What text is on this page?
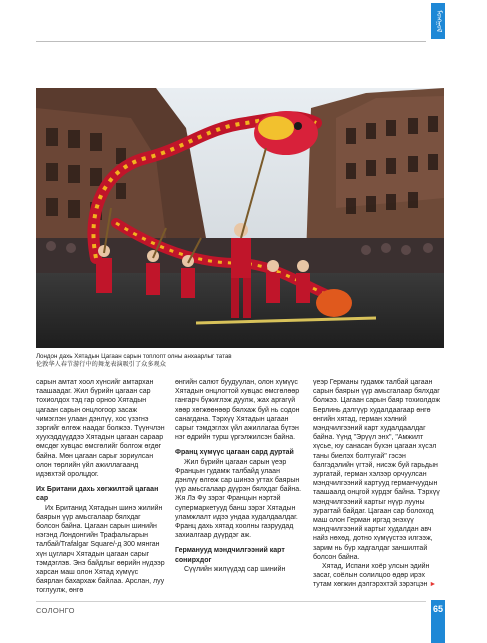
ᠮᠣᠩᠭᠣᠯ
Лондон дахь Хятадын Цагаан сарын топлопт олны анхаарлыг татав
伦敦华人春节游行中的舞龙表演吸引了众多观众

сарын амтат хоол хүнсийг амтархан таашаадаг. Жил бүрийн цагаан сар тохиолдох тэд гар орноо Хятадын цагаан сарын онцлогоор засаж чимэглэн улаан дэнлүү, хос үзэгнэ зэргийг өлгөж наадаг болжээ. Түүнчлэн хуухэддүүддээ Хятадын цагаан сараар өмсдөг хувцас өмсгөлийг болгож өгдөг байна. Мөн цагаан сарыг зориулсан олон төрлийн үйл ажиллагаанд идэвхтэй оролцдог.

Их Британи дахь хөгжилтэй цагаан сар

Их Британид Хятадын шинэ жилийн баярын үүр амьсгалаар бялхдаг болсон байна. Цагаан сарын шинийн нэгэнд Лондонгийн Трафальгарын талбай/Trafalgar Square/-д 300 мянган хүн цугларч Хятадын цагаан сарыг тэмдэглэв. Энэ байдлыг өөрийн нүдээр харсан маш олон Хятад хүмүүс баярлан бахархаж байлаа. Арслан, луу тоглуулж, өнгө

өнгийн салют буудуулан, олон хүмүүс Хятадын онцлогтой хувцас өмсгөлөөр гангарч бүжиглэж дуулж, жах аргагүй хөөр хөгжөөнөөр бялхаж буй нь содон санагдана. Тэрхүү Хятадын цагаан сарыг тэмдэглэх үйл ажиллагаа бүтэн нэг өдрийн турш үргэлжилсэн байна.

Франц хүмүүс цагаан сард дуртай

Жил бүрийн цагаан сарын үеэр Францын гудамж талбайд улаан дэнлүү өлгөж сар шинээ угтах баярын үүр амьсгалаар дүүрэн бялхдаг байна. Жя Лэ Фу зэрэг Францын нэртэй супермаркетууд банш зэрэг Хятадын уламжлалт идээ ундаа худалдаалдаг. Франц дахь хятад хоолны газруудад захиалгаар дүүрдэг аж.

Германууд мэндчилгээний карт сонирхдог

Сүүлийн жилүүдэд сар шинийн

үеэр Германы гудамж талбай цагаан сарын баярын үүр амьсгалаар бялхдаг болжээ. Цагаан сарын баяр тохиолдож Берлинь дэлгүүр худалдаагаар өнгө өнгийн хятад, герман хэлний мэндчилгээний карт худалдаалдаг байна. Үүнд "Эрүүл энх", "Амжилт хүсье, юу санасан бүхэн цагаан хүсэл таны биелэх болтугай" гэсэн бэлгэдэлийн үгтэй, нисэж буй гарьдын зургатай, герман хэлээр орчуулсан мэндчилгээний картууд германчуудын таашаалд онцгой хүрдэг байна. Тэрхүү мэндчилгээний картыг нүүр лууны зурагтай байдаг. Цагаан сар болоход маш олон Герман иргэд энэхүү мэндчилгээний картыг худалдан авч найз нөхөд, дотно хүмүүстээ илгээж, зарим нь бүр хадгалдаг заншилтай болсон байна.

Хятад, Испани хоёр улсын эдийн засаг, соёлын солилцоо өдөр ирэх тутам хөгжин дэлгэрэхтэй зэрэгцэн ►

СОЛОНГО	65
